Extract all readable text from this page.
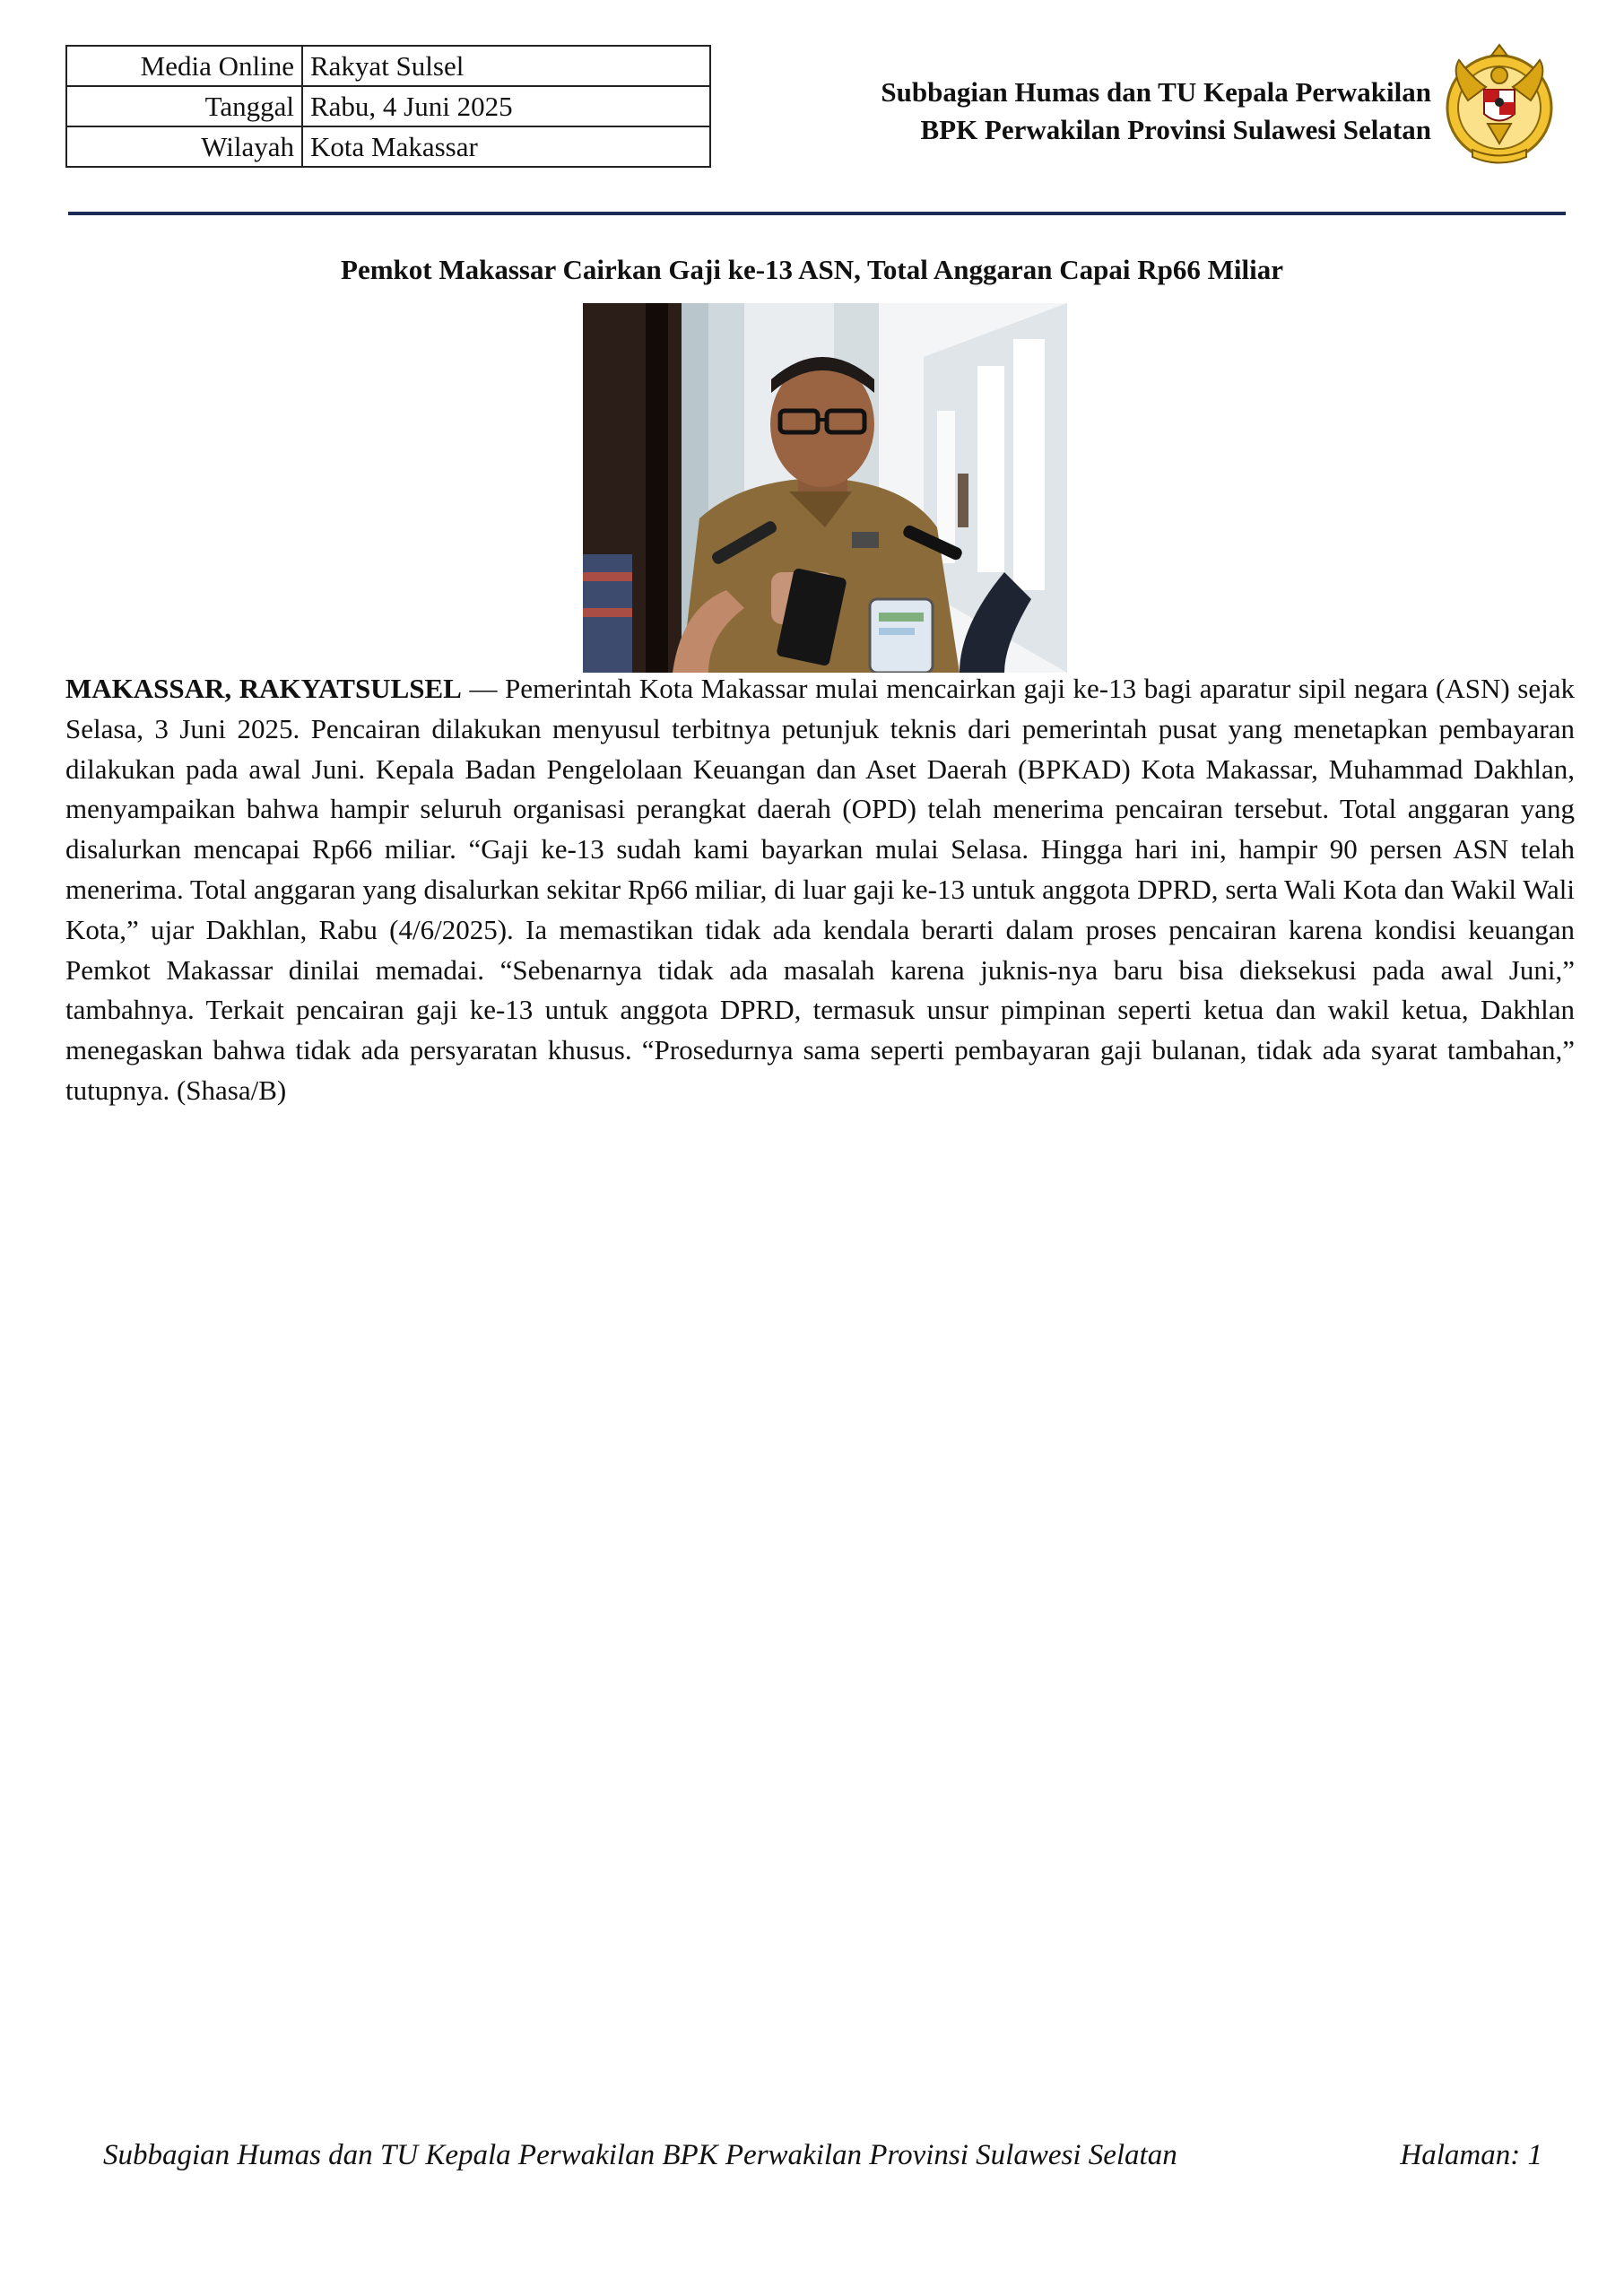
Media Online	Rakyat Sulsel
Tanggal	Rabu, 4 Juni 2025
Wilayah	Kota Makassar
Subbagian Humas dan TU Kepala Perwakilan
BPK Perwakilan Provinsi Sulawesi Selatan
Pemkot Makassar Cairkan Gaji ke-13 ASN, Total Anggaran Capai Rp66 Miliar
MAKASSAR, RAKYATSULSEL — Pemerintah Kota Makassar mulai mencairkan gaji ke-13 bagi aparatur sipil negara (ASN) sejak Selasa, 3 Juni 2025. Pencairan dilakukan menyusul terbitnya petunjuk teknis dari pemerintah pusat yang menetapkan pembayaran dilakukan pada awal Juni. Kepala Badan Pengelolaan Keuangan dan Aset Daerah (BPKAD) Kota Makassar, Muhammad Dakhlan, menyampaikan bahwa hampir seluruh organisasi perangkat daerah (OPD) telah menerima pencairan tersebut. Total anggaran yang disalurkan mencapai Rp66 miliar. “Gaji ke-13 sudah kami bayarkan mulai Selasa. Hingga hari ini, hampir 90 persen ASN telah menerima. Total anggaran yang disalurkan sekitar Rp66 miliar, di luar gaji ke-13 untuk anggota DPRD, serta Wali Kota dan Wakil Wali Kota,” ujar Dakhlan, Rabu (4/6/2025). Ia memastikan tidak ada kendala berarti dalam proses pencairan karena kondisi keuangan Pemkot Makassar dinilai memadai. “Sebenarnya tidak ada masalah karena juknis-nya baru bisa dieksekusi pada awal Juni,” tambahnya. Terkait pencairan gaji ke-13 untuk anggota DPRD, termasuk unsur pimpinan seperti ketua dan wakil ketua, Dakhlan menegaskan bahwa tidak ada persyaratan khusus. “Prosedurnya sama seperti pembayaran gaji bulanan, tidak ada syarat tambahan,” tutupnya. (Shasa/B)
Subbagian Humas dan TU Kepala Perwakilan BPK Perwakilan Provinsi Sulawesi Selatan	Halaman: 1
